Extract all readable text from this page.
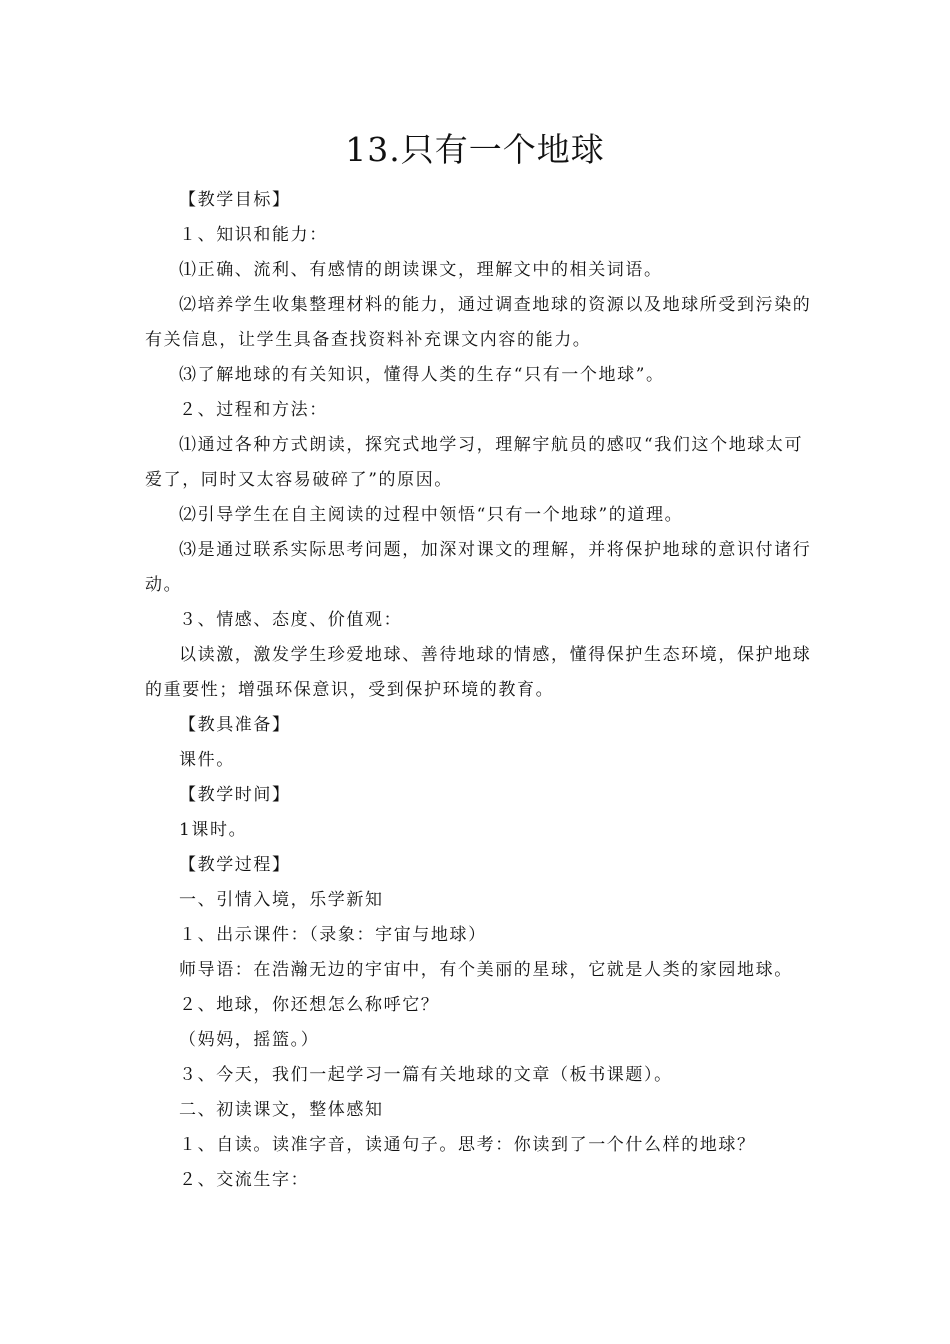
13.只有一个地球

【教学目标】

１、知识和能力：

⑴正确、流利、有感情的朗读课文，理解文中的相关词语。

⑵培养学生收集整理材料的能力，通过调查地球的资源以及地球所受到污染的有关信息，让学生具备查找资料补充课文内容的能力。

⑶了解地球的有关知识，懂得人类的生存“只有一个地球”。

２、过程和方法：

⑴通过各种方式朗读，探究式地学习，理解宇航员的感叹“我们这个地球太可爱了，同时又太容易破碎了”的原因。

⑵引导学生在自主阅读的过程中领悟“只有一个地球”的道理。

⑶是通过联系实际思考问题，加深对课文的理解，并将保护地球的意识付诸行动。

３、情感、态度、价值观：

以读激，激发学生珍爱地球、善待地球的情感，懂得保护生态环境，保护地球的重要性；增强环保意识，受到保护环境的教育。

【教具准备】

课件。

【教学时间】

1课时。

【教学过程】

一、引情入境，乐学新知

１、出示课件：（录象：宇宙与地球）

师导语：在浩瀚无边的宇宙中，有个美丽的星球，它就是人类的家园地球。

２、地球，你还想怎么称呼它？

（妈妈，摇篮。）

３、今天，我们一起学习一篇有关地球的文章（板书课题）。

二、初读课文，整体感知

１、自读。读准字音，读通句子。思考：你读到了一个什么样的地球？

２、交流生字：
